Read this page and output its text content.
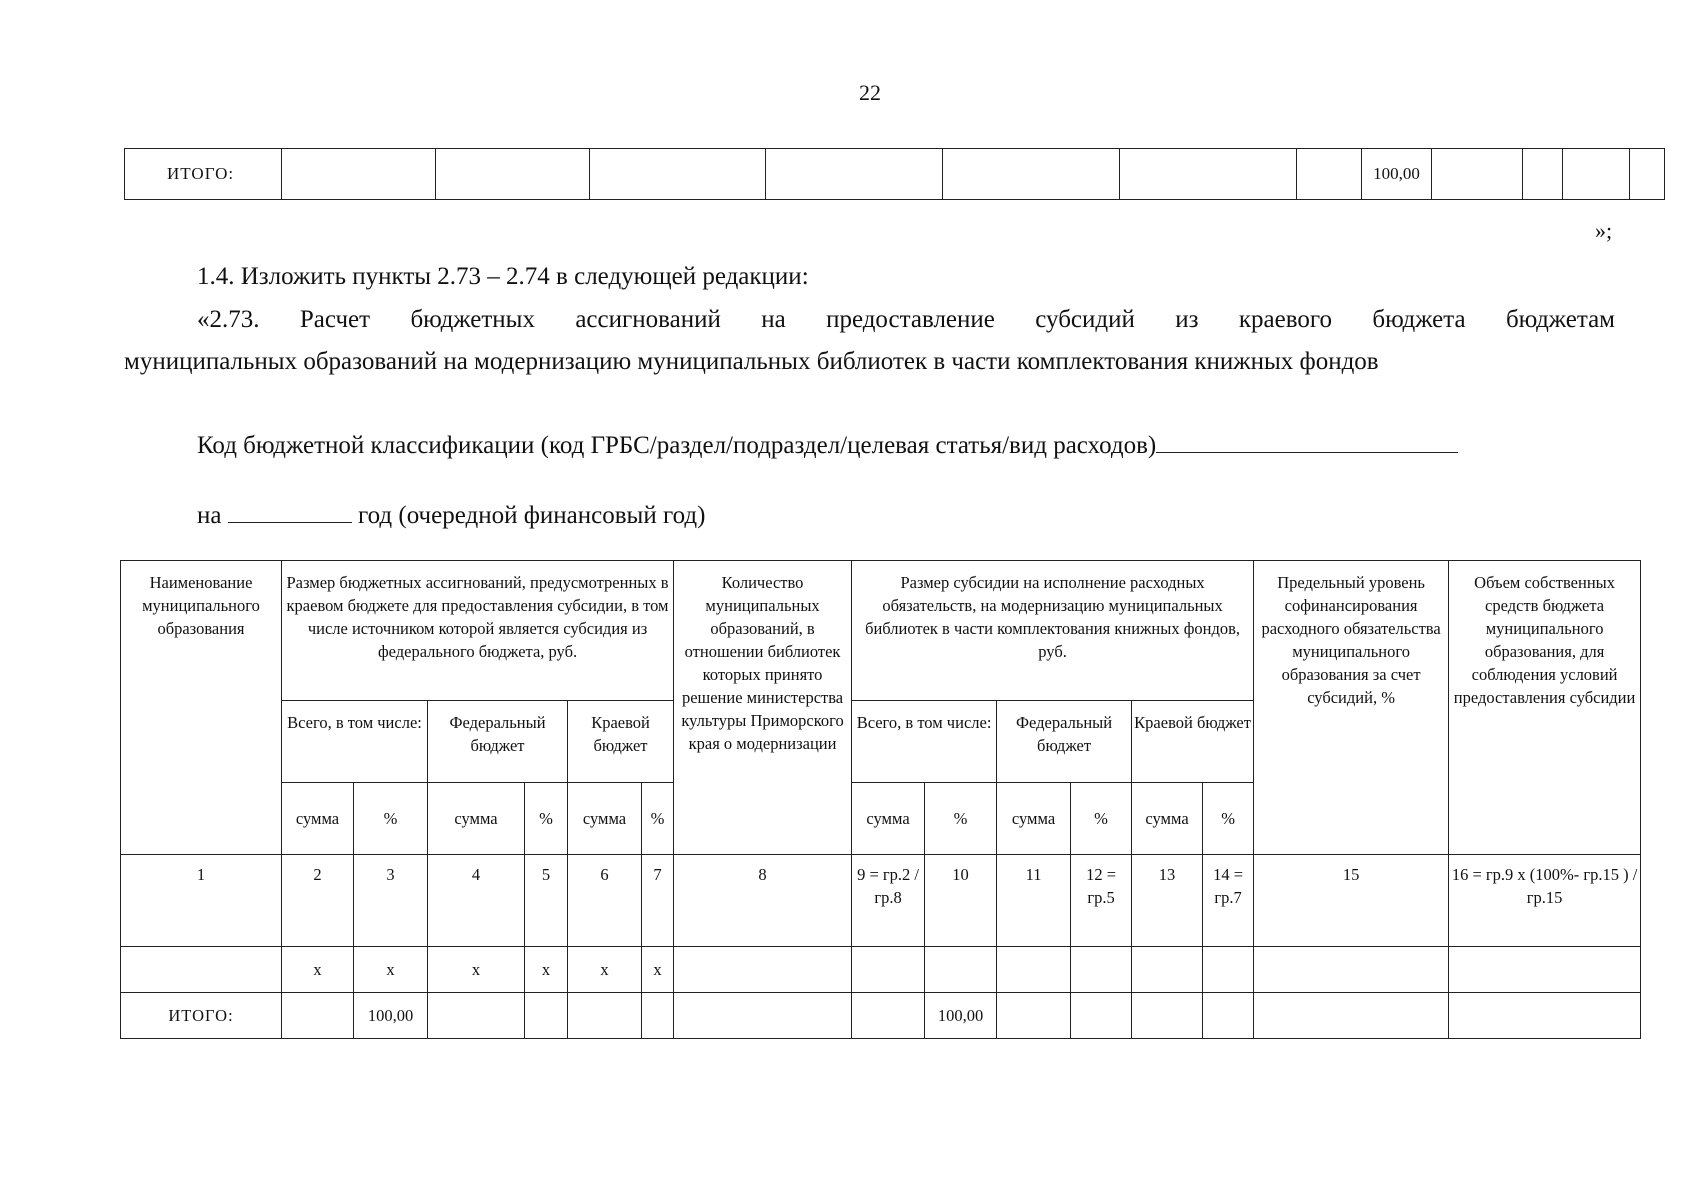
22
ИТОГО:								100,00				
»;
1.4. Изложить пункты 2.73 – 2.74 в следующей редакции:
«2.73. Расчет бюджетных ассигнований на предоставление субсидий из краевого бюджета бюджетам
муниципальных образований на модернизацию муниципальных библиотек в части комплектования книжных фондов
Код бюджетной классификации (код ГРБС/раздел/подраздел/целевая статья/вид расходов)
на	год (очередной финансовый год)
Наименование муниципального образования	Размер бюджетных ассигнований, предусмотренных в краевом бюджете для предоставления субсидии, в том числе источником которой является субсидия из федерального бюджета, руб.						Количество муниципальных образований, в отношении библиотек которых принято решение министерства культуры Приморского края о модернизации	Размер субсидии на исполнение расходных обязательств, на модернизацию муниципальных библиотек в части комплектования книжных фондов, руб.						Предельный уровень софинансирования расходного обязательства муниципального образования за счет субсидий, %	Объем собственных средств бюджета муниципального образования, для соблюдения условий предоставления субсидии
	Всего, в том числе:		Федеральный бюджет		Краевой бюджет			Всего, в том числе:		Федеральный бюджет		Краевой бюджет			
	сумма	%	сумма	%	сумма	%		сумма	%	сумма	%	сумма	%		
1	2	3	4	5	6	7	8	9 = гр.2 / гр.8	10	11	12 = гр.5	13	14 = гр.7	15	16 = гр.9 х (100%- гр.15 ) / гр.15
	х	х	х	х	х	х									
ИТОГО:		100,00							100,00						
